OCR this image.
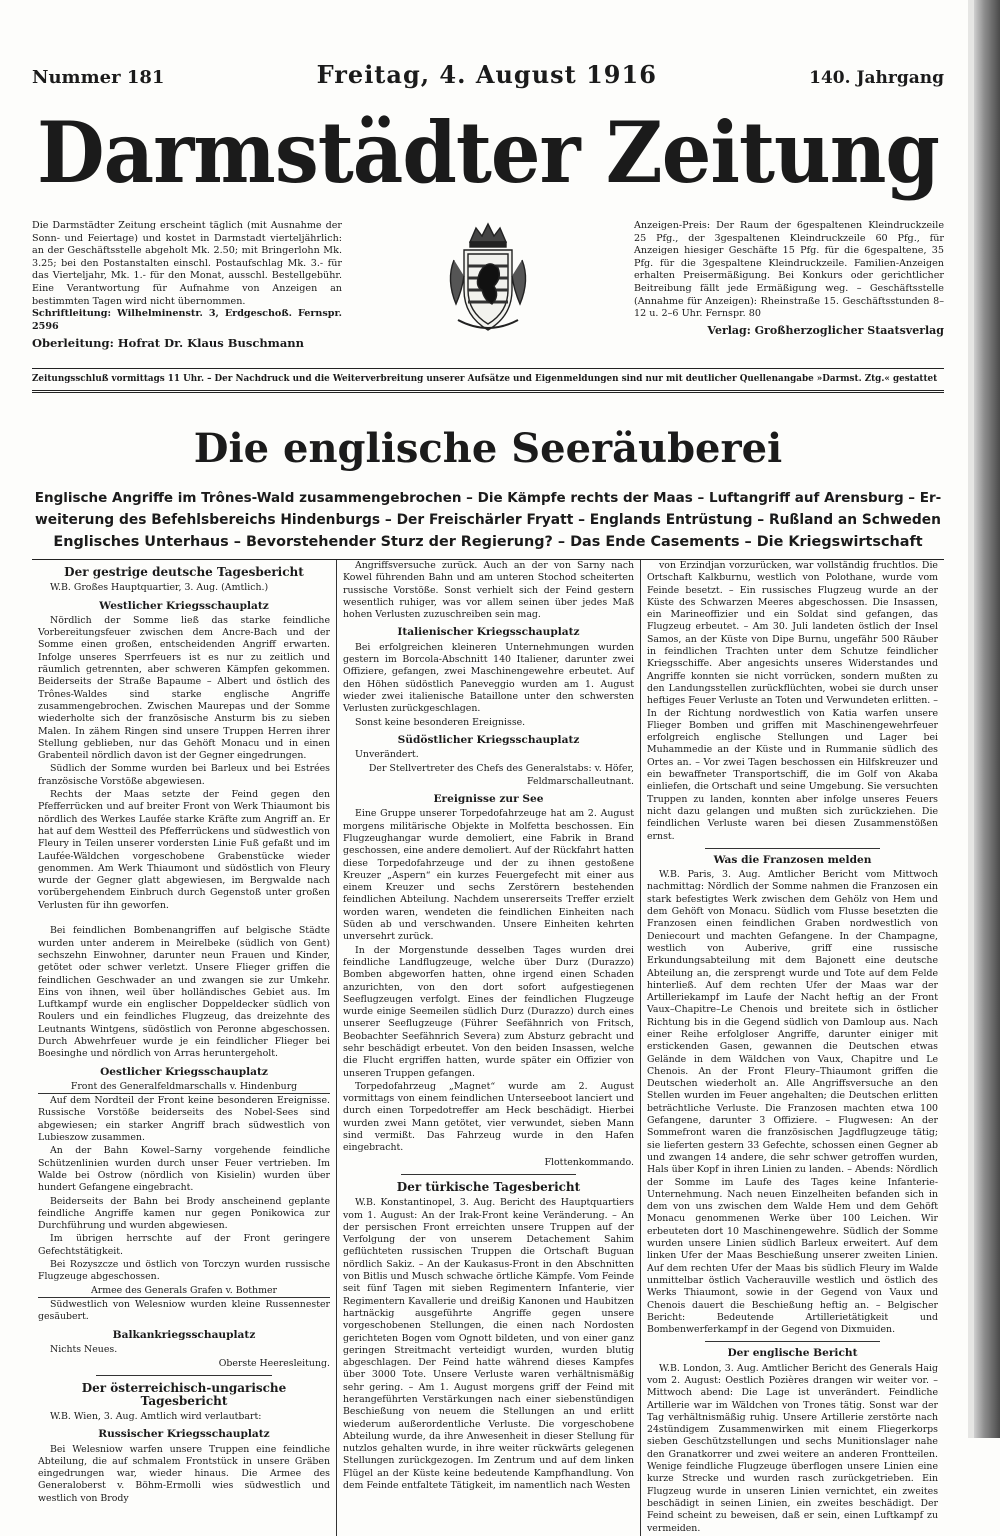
Nummer 181	Freitag, 4. August 1916	140. Jahrgang
Darmstädter Zeitung
Die Darmstädter Zeitung erscheint täglich (mit Ausnahme der Sonn- und Feiertage) und kostet in Darmstadt vierteljährlich: an der Geschäftsstelle abgeholt Mk. 2.50; mit Bringerlohn Mk. 3.25; bei den Postanstalten einschl. Postaufschlag Mk. 3.- für das Vierteljahr, Mk. 1.- für den Monat, ausschl. Bestellgebühr. Eine Verantwortung für Aufnahme von Anzeigen an bestimmten Tagen wird nicht übernommen.
Schriftleitung: Wilhelminenstr. 3, Erdgeschoß. Fernspr. 2596
Oberleitung: Hofrat Dr. Klaus Buschmann
Anzeigen-Preis: Der Raum der 6gespaltenen Kleindruckzeile 25 Pfg., der 3gespaltenen Kleindruckzeile 60 Pfg., für Anzeigen hiesiger Geschäfte 15 Pfg. für die 6gespaltene, 35 Pfg. für die 3gespaltene Kleindruckzeile. Familien-Anzeigen erhalten Preisermäßigung. Bei Konkurs oder gerichtlicher Beitreibung fällt jede Ermäßigung weg. – Geschäftsstelle (Annahme für Anzeigen): Rheinstraße 15. Geschäftsstunden 8–12 u. 2–6 Uhr. Fernspr. 80
Verlag: Großherzoglicher Staatsverlag
Zeitungsschluß vormittags 11 Uhr. – Der Nachdruck und die Weiterverbreitung unserer Aufsätze und Eigenmeldungen sind nur mit deutlicher Quellenangabe »Darmst. Ztg.« gestattet
Die englische Seeräuberei
Englische Angriffe im Trônes-Wald zusammengebrochen – Die Kämpfe rechts der Maas – Luftangriff auf Arensburg – Er-
weiterung des Befehlsbereichs Hindenburgs – Der Freischärler Fryatt – Englands Entrüstung – Rußland an Schweden
Englisches Unterhaus – Bevorstehender Sturz der Regierung? – Das Ende Casements – Die Kriegswirtschaft
Der gestrige deutsche Tagesbericht

W.B. Großes Hauptquartier, 3. Aug. (Amtlich.)

Westlicher Kriegsschauplatz

Nördlich der Somme ließ das starke feindliche Vorbereitungsfeuer zwischen dem Ancre-Bach und der Somme einen großen, entscheidenden Angriff erwarten. Infolge unseres Sperrfeuers ist es nur zu zeitlich und räumlich getrennten, aber schweren Kämpfen gekommen. Beiderseits der Straße Bapaume – Albert und östlich des Trônes-Waldes sind starke englische Angriffe zusammengebrochen. Zwischen Maurepas und der Somme wiederholte sich der französische Ansturm bis zu sieben Malen. In zähem Ringen sind unsere Truppen Herren ihrer Stellung geblieben, nur das Gehöft Monacu und in einen Grabenteil nördlich davon ist der Gegner eingedrungen.

Südlich der Somme wurden bei Barleux und bei Estrées französische Vorstöße abgewiesen.

Rechts der Maas setzte der Feind gegen den Pfefferrücken und auf breiter Front von Werk Thiaumont bis nördlich des Werkes Laufée starke Kräfte zum Angriff an. Er hat auf dem Westteil des Pfefferrückens und südwestlich von Fleury in Teilen unserer vordersten Linie Fuß gefaßt und im Laufée-Wäldchen vorgeschobene Grabenstücke wieder genommen. Am Werk Thiaumont und südöstlich von Fleury wurde der Gegner glatt abgewiesen, im Bergwalde nach vorübergehendem Einbruch durch Gegenstoß unter großen Verlusten für ihn geworfen.

Bei feindlichen Bombenangriffen auf belgische Städte wurden unter anderem in Meirelbeke (südlich von Gent) sechszehn Einwohner, darunter neun Frauen und Kinder, getötet oder schwer verletzt. Unsere Flieger griffen die feindlichen Geschwader an und zwangen sie zur Umkehr. Eins von ihnen, weil über holländisches Gebiet aus. Im Luftkampf wurde ein englischer Doppeldecker südlich von Roulers und ein feindliches Flugzeug, das dreizehnte des Leutnants Wintgens, südöstlich von Peronne abgeschossen. Durch Abwehrfeuer wurde je ein feindlicher Flieger bei Boesinghe und nördlich von Arras heruntergeholt.

Oestlicher Kriegsschauplatz

Front des Generalfeldmarschalls v. Hindenburg

Auf dem Nordteil der Front keine besonderen Ereignisse. Russische Vorstöße beiderseits des Nobel-Sees sind abgewiesen; ein starker Angriff brach südwestlich von Lubieszow zusammen.

An der Bahn Kowel–Sarny vorgehende feindliche Schützenlinien wurden durch unser Feuer vertrieben. Im Walde bei Ostrow (nördlich von Kisielin) wurden über hundert Gefangene eingebracht.

Beiderseits der Bahn bei Brody anscheinend geplante feindliche Angriffe kamen nur gegen Ponikowica zur Durchführung und wurden abgewiesen.

Im übrigen herrschte auf der Front geringere Gefechtstätigkeit.

Bei Rozyszcze und östlich von Torczyn wurden russische Flugzeuge abgeschossen.

Armee des Generals Grafen v. Bothmer

Südwestlich von Welesniow wurden kleine Russennester gesäubert.

Balkankriegsschauplatz

Nichts Neues.

Oberste Heeresleitung.
Der österreichisch-ungarische Tagesbericht

W.B. Wien, 3. Aug. Amtlich wird verlautbart:

Russischer Kriegsschauplatz

Bei Welesniow warfen unsere Truppen eine feindliche Abteilung, die auf schmalem Frontstück in unsere Gräben eingedrungen war, wieder hinaus. Die Armee des Generaloberst v. Böhm-Ermolli wies südwestlich und westlich von Brody

Angriffsversuche zurück. Auch an der von Sarny nach Kowel führenden Bahn und am unteren Stochod scheiterten russische Vorstöße. Sonst verhielt sich der Feind gestern wesentlich ruhiger, was vor allem seinen über jedes Maß hohen Verlusten zuzuschreiben sein mag.

Italienischer Kriegsschauplatz

Bei erfolgreichen kleineren Unternehmungen wurden gestern im Borcola-Abschnitt 140 Italiener, darunter zwei Offiziere, gefangen, zwei Maschinengewehre erbeutet. Auf den Höhen südöstlich Paneveggio wurden am 1. August wieder zwei italienische Bataillone unter den schwersten Verlusten zurückgeschlagen.

Sonst keine besonderen Ereignisse.

Südöstlicher Kriegsschauplatz

Unverändert.

Der Stellvertreter des Chefs des Generalstabs: v. Höfer, Feldmarschalleutnant.
Ereignisse zur See

Eine Gruppe unserer Torpedofahrzeuge hat am 2. August morgens militärische Objekte in Molfetta beschossen. Ein Flugzeughangar wurde demoliert, eine Fabrik in Brand geschossen, eine andere demoliert. Auf der Rückfahrt hatten diese Torpedofahrzeuge und der zu ihnen gestoßene Kreuzer „Aspern“ ein kurzes Feuergefecht mit einer aus einem Kreuzer und sechs Zerstörern bestehenden feindlichen Abteilung. Nachdem unsererseits Treffer erzielt worden waren, wendeten die feindlichen Einheiten nach Süden ab und verschwanden. Unsere Einheiten kehrten unversehrt zurück.

In der Morgenstunde desselben Tages wurden drei feindliche Landflugzeuge, welche über Durz (Durazzo) Bomben abgeworfen hatten, ohne irgend einen Schaden anzurichten, von den dort sofort aufgestiegenen Seeflugzeugen verfolgt. Eines der feindlichen Flugzeuge wurde einige Seemeilen südlich Durz (Durazzo) durch eines unserer Seeflugzeuge (Führer Seefähnrich von Fritsch, Beobachter Seefähnrich Severa) zum Absturz gebracht und sehr beschädigt erbeutet. Von den beiden Insassen, welche die Flucht ergriffen hatten, wurde später ein Offizier von unseren Truppen gefangen.

Torpedofahrzeug „Magnet“ wurde am 2. August vormittags von einem feindlichen Unterseeboot lanciert und durch einen Torpedotreffer am Heck beschädigt. Hierbei wurden zwei Mann getötet, vier verwundet, sieben Mann sind vermißt. Das Fahrzeug wurde in den Hafen eingebracht.

Flottenkommando.
Der türkische Tagesbericht

W.B. Konstantinopel, 3. Aug. Bericht des Hauptquartiers vom 1. August: An der Irak-Front keine Veränderung. – An der persischen Front erreichten unsere Truppen auf der Verfolgung der von unserem Detachement Sahim geflüchteten russischen Truppen die Ortschaft Buguan nördlich Sakiz. – An der Kaukasus-Front in den Abschnitten von Bitlis und Musch schwache örtliche Kämpfe. Vom Feinde seit fünf Tagen mit sieben Regimentern Infanterie, vier Regimentern Kavallerie und dreißig Kanonen und Haubitzen hartnäckig ausgeführte Angriffe gegen unsere vorgeschobenen Stellungen, die einen nach Nordosten gerichteten Bogen vom Ognott bildeten, und von einer ganz geringen Streitmacht verteidigt wurden, wurden blutig abgeschlagen. Der Feind hatte während dieses Kampfes über 3000 Tote. Unsere Verluste waren verhältnismäßig sehr gering. – Am 1. August morgens griff der Feind mit herangeführten Verstärkungen nach einer siebenstündigen Beschießung von neuem die Stellungen an und erlitt wiederum außerordentliche Verluste. Die vorgeschobene Abteilung wurde, da ihre Anwesenheit in dieser Stellung für nutzlos gehalten wurde, in ihre weiter rückwärts gelegenen Stellungen zurückgezogen. Im Zentrum und auf dem linken Flügel an der Küste keine bedeutende Kampfhandlung. Von dem Feinde entfaltete Tätigkeit, im namentlich nach Westen

von Erzindjan vorzurücken, war vollständig fruchtlos. Die Ortschaft Kalkburnu, westlich von Polothane, wurde vom Feinde besetzt. – Ein russisches Flugzeug wurde an der Küste des Schwarzen Meeres abgeschossen. Die Insassen, ein Marineoffizier und ein Soldat sind gefangen, das Flugzeug erbeutet. – Am 30. Juli landeten östlich der Insel Samos, an der Küste von Dipe Burnu, ungefähr 500 Räuber in feindlichen Trachten unter dem Schutze feindlicher Kriegsschiffe. Aber angesichts unseres Widerstandes und Angriffe konnten sie nicht vorrücken, sondern mußten zu den Landungsstellen zurückflüchten, wobei sie durch unser heftiges Feuer Verluste an Toten und Verwundeten erlitten. – In der Richtung nordwestlich von Katia warfen unsere Flieger Bomben und griffen mit Maschinengewehrfeuer erfolgreich englische Stellungen und Lager bei Muhammedie an der Küste und in Rummanie südlich des Ortes an. – Vor zwei Tagen beschossen ein Hilfskreuzer und ein bewaffneter Transportschiff, die im Golf von Akaba einliefen, die Ortschaft und seine Umgebung. Sie versuchten Truppen zu landen, konnten aber infolge unseres Feuers nicht dazu gelangen und mußten sich zurückziehen. Die feindlichen Verluste waren bei diesen Zusammenstößen ernst.

Was die Franzosen melden

W.B. Paris, 3. Aug. Amtlicher Bericht vom Mittwoch nachmittag: Nördlich der Somme nahmen die Franzosen ein stark befestigtes Werk zwischen dem Gehölz von Hem und dem Gehöft von Monacu. Südlich vom Flusse besetzten die Franzosen einen feindlichen Graben nordwestlich von Deniecourt und machten Gefangene. In der Champagne, westlich von Auberive, griff eine russische Erkundungsabteilung mit dem Bajonett eine deutsche Abteilung an, die zersprengt wurde und Tote auf dem Felde hinterließ. Auf dem rechten Ufer der Maas war der Artilleriekampf im Laufe der Nacht heftig an der Front Vaux–Chapitre–Le Chenois und breitete sich in östlicher Richtung bis in die Gegend südlich von Damloup aus. Nach einer Reihe erfolgloser Angriffe, darunter einiger mit erstickenden Gasen, gewannen die Deutschen etwas Gelände in dem Wäldchen von Vaux, Chapitre und Le Chenois. An der Front Fleury–Thiaumont griffen die Deutschen wiederholt an. Alle Angriffsversuche an den Stellen wurden im Feuer angehalten; die Deutschen erlitten beträchtliche Verluste. Die Franzosen machten etwa 100 Gefangene, darunter 3 Offiziere. – Flugwesen: An der Sommefront waren die französischen Jagdflugzeuge tätig; sie lieferten gestern 33 Gefechte, schossen einen Gegner ab und zwangen 14 andere, die sehr schwer getroffen wurden, Hals über Kopf in ihren Linien zu landen. – Abends: Nördlich der Somme im Laufe des Tages keine Infanterie-Unternehmung. Nach neuen Einzelheiten befanden sich in dem von uns zwischen dem Walde Hem und dem Gehöft Monacu genommenen Werke über 100 Leichen. Wir erbeuteten dort 10 Maschinengewehre. Südlich der Somme wurden unsere Linien südlich Barleux erweitert. Auf dem linken Ufer der Maas Beschießung unserer zweiten Linien. Auf dem rechten Ufer der Maas bis südlich Fleury im Walde unmittelbar östlich Vacherauville westlich und östlich des Werks Thiaumont, sowie in der Gegend von Vaux und Chenois dauert die Beschießung heftig an. – Belgischer Bericht: Bedeutende Artillerietätigkeit und Bombenwerferkampf in der Gegend von Dixmuiden.

Der englische Bericht

W.B. London, 3. Aug. Amtlicher Bericht des Generals Haig vom 2. August: Oestlich Pozières drangen wir weiter vor. – Mittwoch abend: Die Lage ist unverändert. Feindliche Artillerie war im Wäldchen von Trones tätig. Sonst war der Tag verhältnismäßig ruhig. Unsere Artillerie zerstörte nach 24stündigem Zusammenwirken mit einem Fliegerkorps sieben Geschützstellungen und sechs Munitionslager nahe den Granatkorrer und zwei weitere an anderen Frontteilen. Wenige feindliche Flugzeuge überflogen unsere Linien eine kurze Strecke und wurden rasch zurückgetrieben. Ein Flugzeug wurde in unseren Linien vernichtet, ein zweites beschädigt in seinen Linien, ein zweites beschädigt. Der Feind scheint zu beweisen, daß er sein, einen Luftkampf zu vermeiden.
